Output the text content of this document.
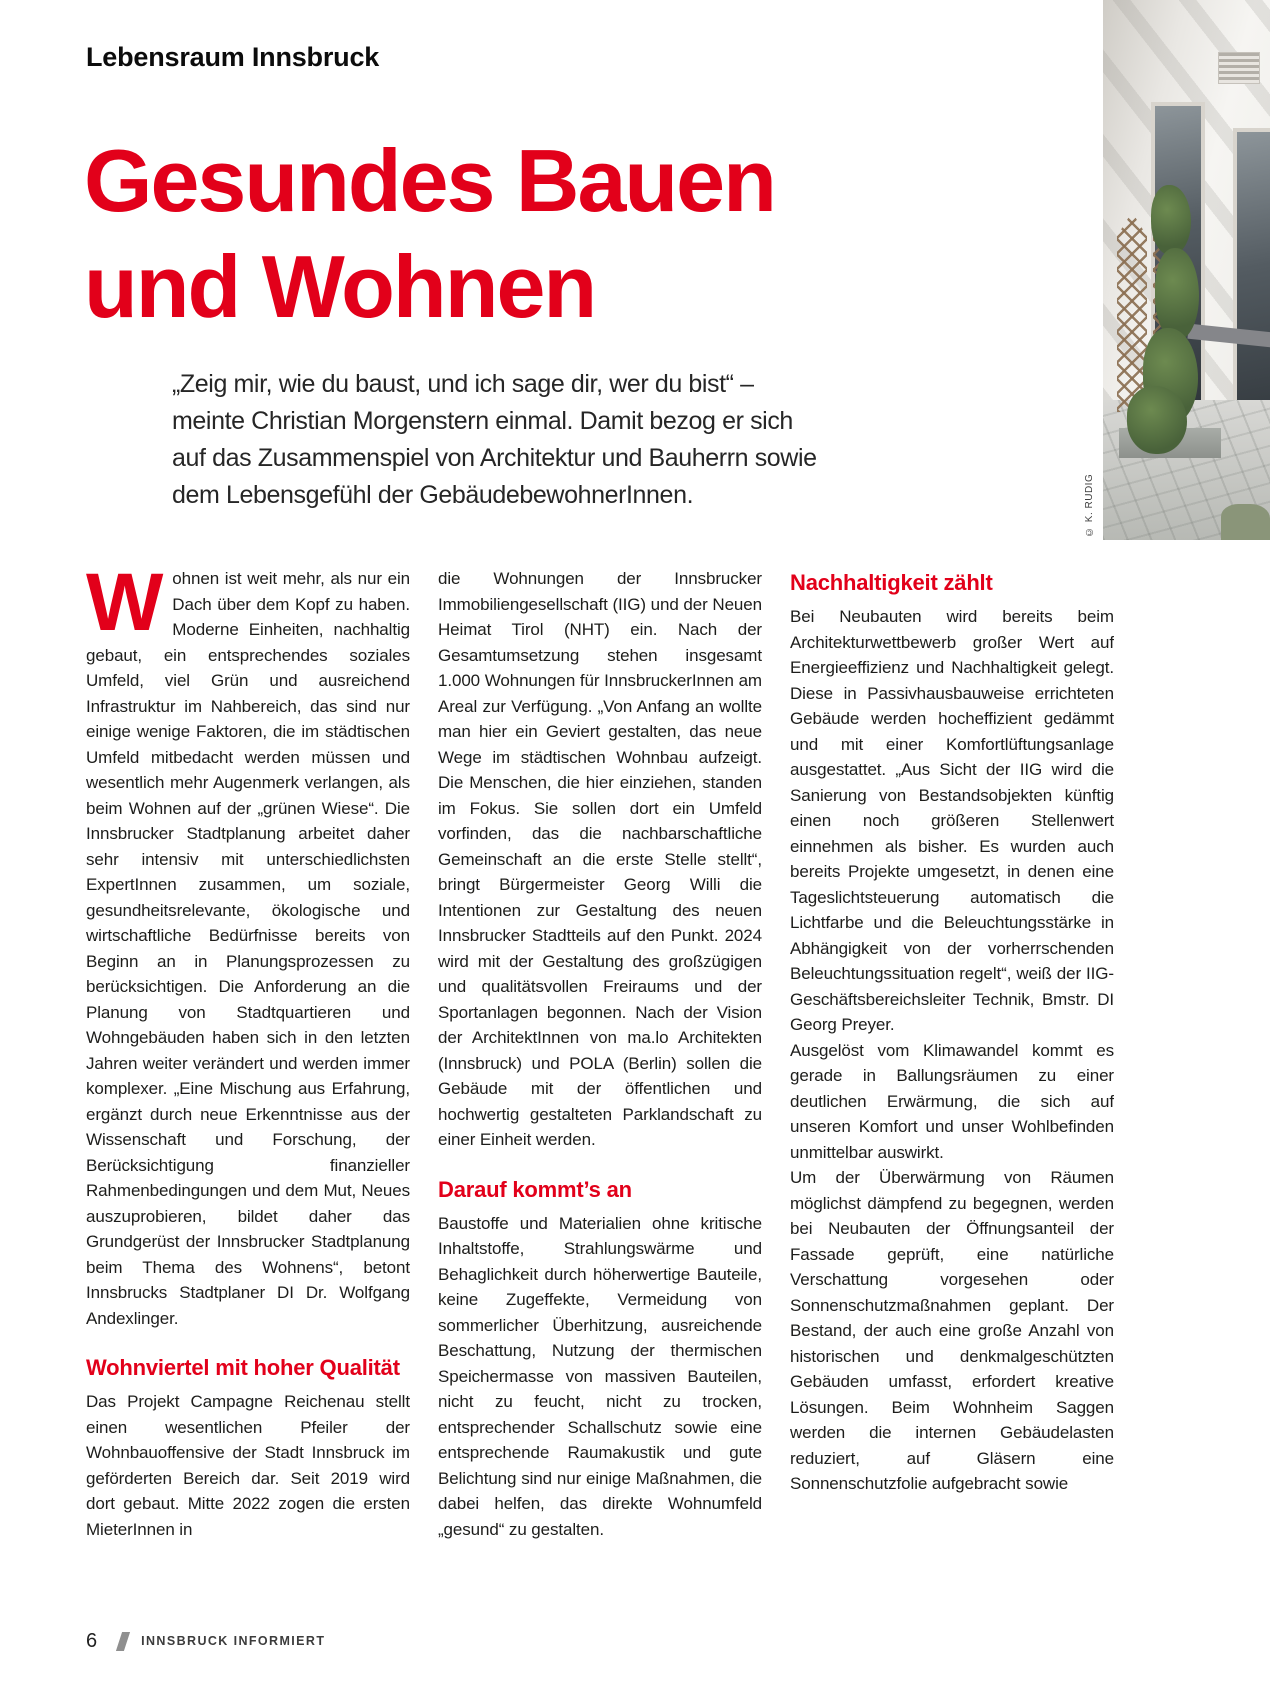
Lebensraum Innsbruck
Gesundes Bauen
und Wohnen

„Zeig mir, wie du baust, und ich sage dir, wer du bist“ –
meinte Christian Morgenstern einmal. Damit bezog er sich
auf das Zusammenspiel von Architektur und Bauherrn sowie
dem Lebensgefühl der GebäudebewohnerInnen.	© K. RUDIG

Wohnen ist weit mehr, als nur ein Dach über dem Kopf zu haben. Moderne Einheiten, nachhaltig gebaut, ein entsprechendes soziales Umfeld, viel Grün und ausreichend Infrastruktur im Nahbereich, das sind nur einige wenige Faktoren, die im städtischen Umfeld mitbedacht werden müssen und wesentlich mehr Augenmerk verlangen, als beim Wohnen auf der „grünen Wiese“. Die Innsbrucker Stadtplanung arbeitet daher sehr intensiv mit unterschiedlichsten ExpertInnen zusammen, um soziale, gesundheitsrelevante, ökologische und wirtschaftliche Bedürfnisse bereits von Beginn an in Planungsprozessen zu berücksichtigen. Die Anforderung an die Planung von Stadtquartieren und Wohngebäuden haben sich in den letzten Jahren weiter verändert und werden immer komplexer. „Eine Mischung aus Erfahrung, ergänzt durch neue Erkenntnisse aus der Wissenschaft und Forschung, der Berücksichtigung finanzieller Rahmenbedingungen und dem Mut, Neues auszuprobieren, bildet daher das Grundgerüst der Innsbrucker Stadtplanung beim Thema des Wohnens“, betont Innsbrucks Stadtplaner DI Dr. Wolfgang Andexlinger.

Wohnviertel mit hoher Qualität

Das Projekt Campagne Reichenau stellt einen wesentlichen Pfeiler der Wohnbauoffensive der Stadt Innsbruck im geförderten Bereich dar. Seit 2019 wird dort gebaut. Mitte 2022 zogen die ersten MieterInnen in

die Wohnungen der Innsbrucker Immobiliengesellschaft (IIG) und der Neuen Heimat Tirol (NHT) ein. Nach der Gesamtumsetzung stehen insgesamt 1.000 Wohnungen für InnsbruckerInnen am Areal zur Verfügung. „Von Anfang an wollte man hier ein Geviert gestalten, das neue Wege im städtischen Wohnbau aufzeigt. Die Menschen, die hier einziehen, standen im Fokus. Sie sollen dort ein Umfeld vorfinden, das die nachbarschaftliche Gemeinschaft an die erste Stelle stellt“, bringt Bürgermeister Georg Willi die Intentionen zur Gestaltung des neuen Innsbrucker Stadtteils auf den Punkt. 2024 wird mit der Gestaltung des großzügigen und qualitätsvollen Freiraums und der Sportanlagen begonnen. Nach der Vision der ArchitektInnen von ma.lo Architekten (Innsbruck) und POLA (Berlin) sollen die Gebäude mit der öffentlichen und hochwertig gestalteten Parklandschaft zu einer Einheit werden.

Darauf kommt’s an

Baustoffe und Materialien ohne kritische Inhaltstoffe, Strahlungswärme und Behaglichkeit durch höherwertige Bauteile, keine Zugeffekte, Vermeidung von sommerlicher Überhitzung, ausreichende Beschattung, Nutzung der thermischen Speichermasse von massiven Bauteilen, nicht zu feucht, nicht zu trocken, entsprechender Schallschutz sowie eine entsprechende Raumakustik und gute Belichtung sind nur einige Maßnahmen, die dabei helfen, das direkte Wohnumfeld „gesund“ zu gestalten.

Nachhaltigkeit zählt

Bei Neubauten wird bereits beim Architekturwettbewerb großer Wert auf Energieeffizienz und Nachhaltigkeit gelegt. Diese in Passivhausbauweise errichteten Gebäude werden hocheffizient gedämmt und mit einer Komfortlüftungsanlage ausgestattet. „Aus Sicht der IIG wird die Sanierung von Bestandsobjekten künftig einen noch größeren Stellenwert einnehmen als bisher. Es wurden auch bereits Projekte umgesetzt, in denen eine Tageslichtsteuerung automatisch die Lichtfarbe und die Beleuchtungsstärke in Abhängigkeit von der vorherrschenden Beleuchtungssituation regelt“, weiß der IIG-Geschäftsbereichsleiter Technik, Bmstr. DI Georg Preyer.

Ausgelöst vom Klimawandel kommt es gerade in Ballungsräumen zu einer deutlichen Erwärmung, die sich auf unseren Komfort und unser Wohlbefinden unmittelbar auswirkt.

Um der Überwärmung von Räumen möglichst dämpfend zu begegnen, werden bei Neubauten der Öffnungsanteil der Fassade geprüft, eine natürliche Verschattung vorgesehen oder Sonnenschutzmaßnahmen geplant. Der Bestand, der auch eine große Anzahl von historischen und denkmalgeschützten Gebäuden umfasst, erfordert kreative Lösungen. Beim Wohnheim Saggen werden die internen Gebäudelasten reduziert, auf Gläsern eine Sonnenschutzfolie aufgebracht sowie

6	INNSBRUCK INFORMIERT
